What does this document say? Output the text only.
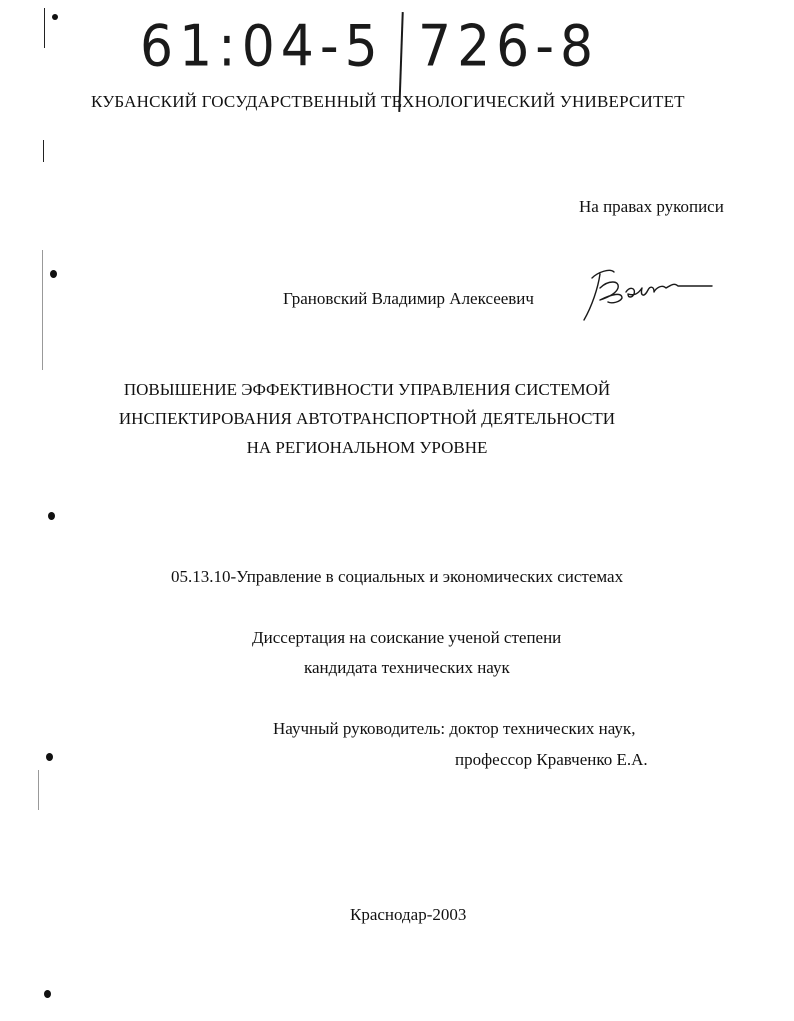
61:04-5 726-8
КУБАНСКИЙ ГОСУДАРСТВЕННЫЙ ТЕХНОЛОГИЧЕСКИЙ УНИВЕРСИТЕТ
На правах рукописи
Грановский Владимир Алексеевич
ПОВЫШЕНИЕ ЭФФЕКТИВНОСТИ УПРАВЛЕНИЯ СИСТЕМОЙ
ИНСПЕКТИРОВАНИЯ АВТОТРАНСПОРТНОЙ ДЕЯТЕЛЬНОСТИ
НА РЕГИОНАЛЬНОМ УРОВНЕ
05.13.10-Управление в социальных и экономических системах
Диссертация на соискание ученой степени
кандидата технических наук
Научный руководитель: доктор технических наук,
профессор Кравченко Е.А.
Краснодар-2003
